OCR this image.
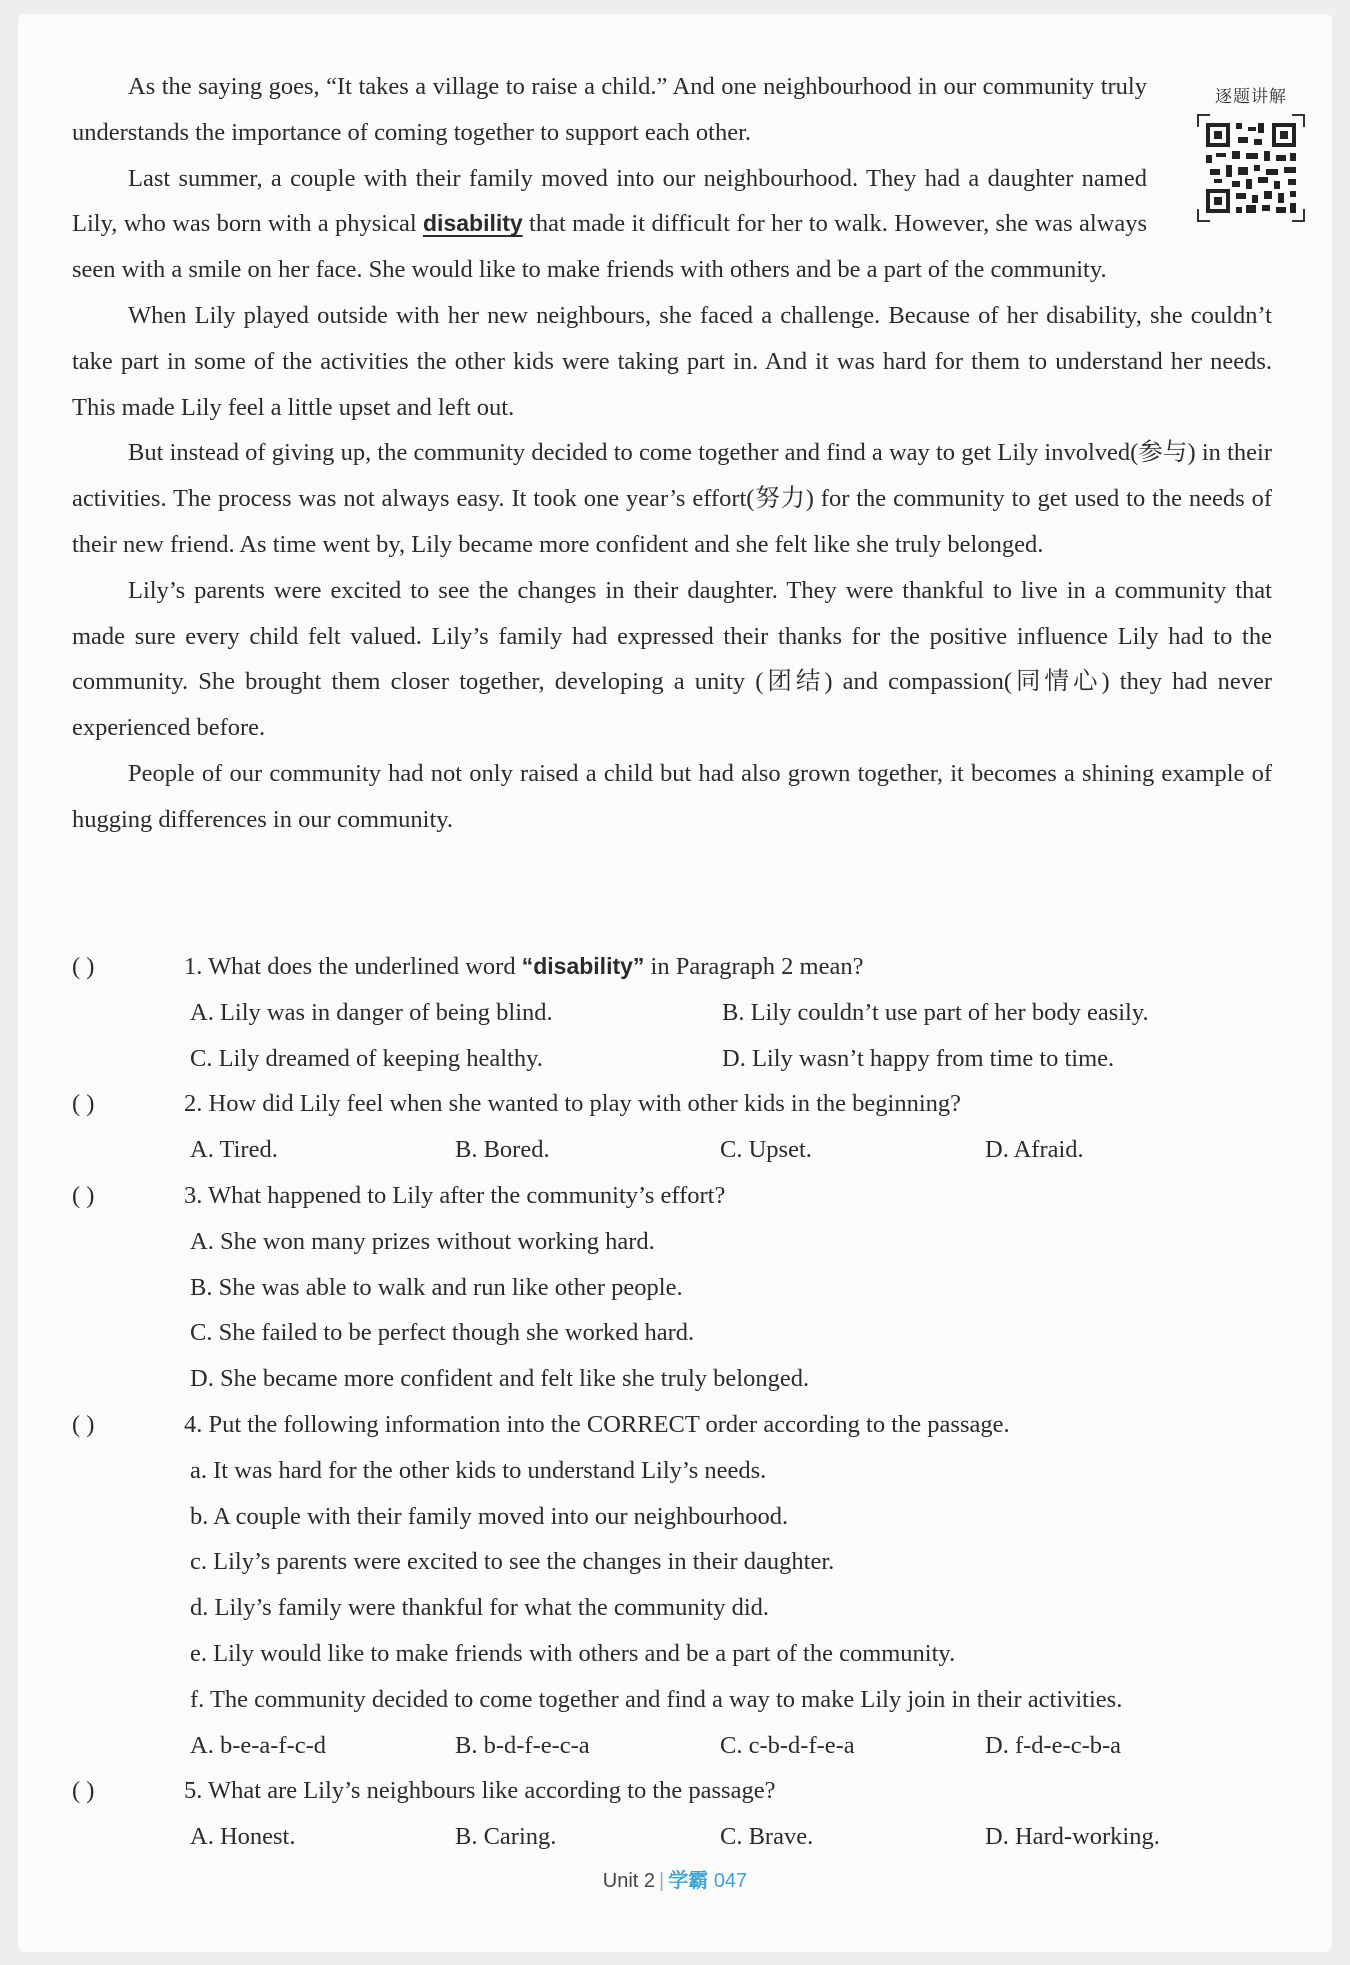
逐题讲解

As the saying goes, “It takes a village to raise a child.” And one neighbourhood in our community truly understands the importance of coming together to support each other.

Last summer, a couple with their family moved into our neighbourhood. They had a daughter named Lily, who was born with a physical disability that made it difficult for her to walk. However, she was always seen with a smile on her face. She would like to make friends with others and be a part of the community.

When Lily played outside with her new neighbours, she faced a challenge. Because of her disability, she couldn’t take part in some of the activities the other kids were taking part in. And it was hard for them to understand her needs. This made Lily feel a little upset and left out.

But instead of giving up, the community decided to come together and find a way to get Lily involved(参与) in their activities. The process was not always easy. It took one year’s effort(努力) for the community to get used to the needs of their new friend. As time went by, Lily became more confident and she felt like she truly belonged.

Lily’s parents were excited to see the changes in their daughter. They were thankful to live in a community that made sure every child felt valued. Lily’s family had expressed their thanks for the positive influence Lily had to the community. She brought them closer together, developing a unity (团结) and compassion(同情心) they had never experienced before.

People of our community had not only raised a child but had also grown together, it becomes a shining example of hugging differences in our community.

( )	1. What does the underlined word “disability” in Paragraph 2 mean?
A. Lily was in danger of being blind.	B. Lily couldn’t use part of her body easily.
C. Lily dreamed of keeping healthy.	D. Lily wasn’t happy from time to time.
( )	2. How did Lily feel when she wanted to play with other kids in the beginning?
A. Tired.	B. Bored.	C. Upset.	D. Afraid.
( )	3. What happened to Lily after the community’s effort?
A. She won many prizes without working hard.
B. She was able to walk and run like other people.
C. She failed to be perfect though she worked hard.
D. She became more confident and felt like she truly belonged.
( )	4. Put the following information into the CORRECT order according to the passage.
a. It was hard for the other kids to understand Lily’s needs.
b. A couple with their family moved into our neighbourhood.
c. Lily’s parents were excited to see the changes in their daughter.
d. Lily’s family were thankful for what the community did.
e. Lily would like to make friends with others and be a part of the community.
f. The community decided to come together and find a way to make Lily join in their activities.
A. b-e-a-f-c-d	B. b-d-f-e-c-a	C. c-b-d-f-e-a	D. f-d-e-c-b-a
( )	5. What are Lily’s neighbours like according to the passage?
A. Honest.	B. Caring.	C. Brave.	D. Hard-working.
Unit 2 | 学霸 047
